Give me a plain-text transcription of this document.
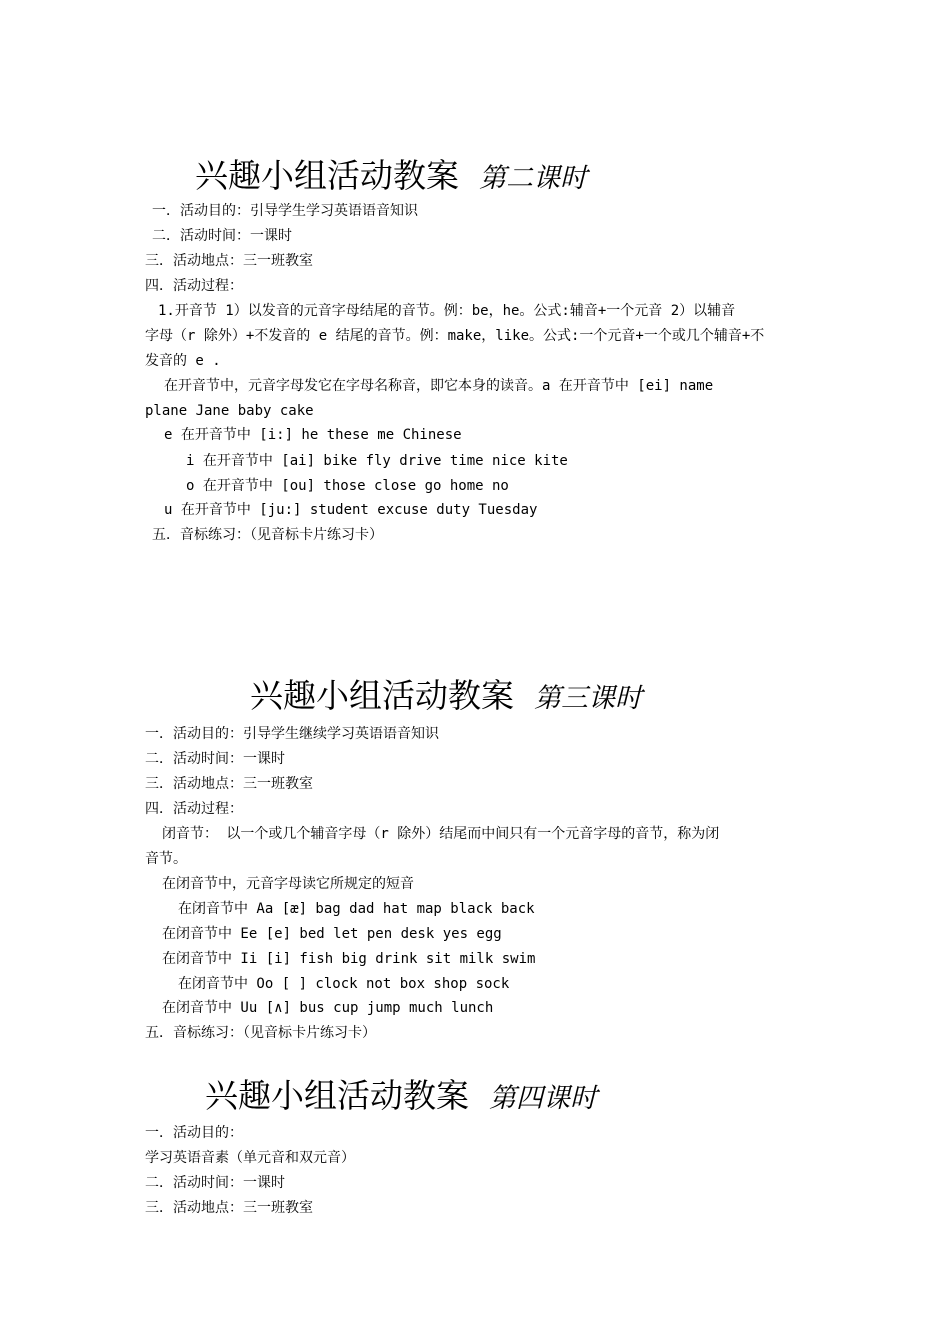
兴趣小组活动教案 第二课时
一．活动目的：引导学生学习英语语音知识
二．活动时间：一课时
三．活动地点：三一班教室
四．活动过程：
1.开音节 1）以发音的元音字母结尾的音节。例：be，he。公式:辅音+一个元音 2）以辅音
字母（r 除外）+不发音的 e 结尾的音节。例：make，like。公式:一个元音+一个或几个辅音+不
发音的 e .
在开音节中，元音字母发它在字母名称音，即它本身的读音。a 在开音节中 [ei] name
plane Jane baby cake
e 在开音节中 [i:] he these me Chinese
i 在开音节中 [ai] bike fly drive time nice kite
o 在开音节中 [ou] those close go home no
u 在开音节中 [ju:] student excuse duty Tuesday
五．音标练习：（见音标卡片练习卡）
兴趣小组活动教案 第三课时
一．活动目的：引导学生继续学习英语语音知识
二．活动时间：一课时
三．活动地点：三一班教室
四．活动过程：
闭音节： 以一个或几个辅音字母（r 除外）结尾而中间只有一个元音字母的音节，称为闭
音节。
在闭音节中，元音字母读它所规定的短音
在闭音节中 Aa [æ] bag dad hat map black back
在闭音节中 Ee [e] bed let pen desk yes egg
在闭音节中 Ii [i] fish big drink sit milk swim
在闭音节中 Oo [ ] clock not box shop sock
在闭音节中 Uu [∧] bus cup jump much lunch
五．音标练习：（见音标卡片练习卡）
兴趣小组活动教案 第四课时
一．活动目的：
学习英语音素（单元音和双元音）
二．活动时间：一课时
三．活动地点：三一班教室
